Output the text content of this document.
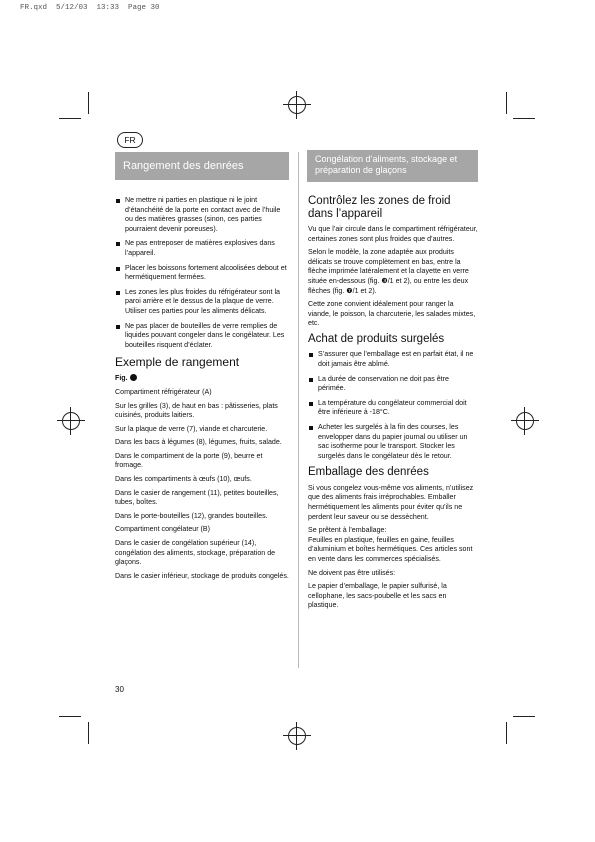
FR.qxd  5/12/03  13:33  Page 30
FR
Rangement des denrées
Congélation d’aliments, stockage et préparation de glaçons
Ne mettre ni parties en plastique ni le joint d’étanchéité de la porte en contact avec de l’huile ou des matières grasses (sinon, ces parties pourraient devenir poreuses).
Ne pas entreposer de matières explosives dans l’appareil.
Placer les boissons fortement alcoolisées debout et hermétiquement fermées.
Les zones les plus froides du réfrigérateur sont la paroi arrière et le dessus de la plaque de verre. Utiliser ces parties pour les aliments délicats.
Ne pas placer de bouteilles de verre remplies de liquides pouvant congeler dans le congélateur. Les bouteilles risquent d’éclater.
Exemple de rangement

Fig.

Compartiment réfrigérateur (A)

Sur les grilles (3), de haut en bas : pâtisseries, plats cuisinés, produits laitiers.

Sur la plaque de verre (7), viande et charcuterie.

Dans les bacs à légumes (8), légumes, fruits, salade.

Dans le compartiment de la porte (9), beurre et fromage.

Dans les compartiments à œufs (10), œufs.

Dans le casier de rangement (11), petites bouteilles, tubes, boîtes.

Dans le porte-bouteilles (12), grandes bouteilles.

Compartiment congélateur (B)

Dans le casier de congélation supérieur (14), congélation des aliments, stockage, préparation de glaçons.

Dans le casier inférieur, stockage de produits congelés.

Contrôlez les zones de froid dans l’appareil

Vu que l’air circule dans le compartiment réfrigérateur, certaines zones sont plus froides que d’autres.

Selon le modèle, la zone adaptée aux produits délicats se trouve complètement en bas, entre la flèche imprimée latéralement et la clayette en verre située en-dessous (fig. ❸/1 et 2), ou entre les deux flèches (fig. ❼/1 et 2).

Cette zone convient idéalement pour ranger la viande, le poisson, la charcuterie, les salades mixtes, etc.

Achat de produits surgelés
S’assurer que l’emballage est en parfait état, il ne doit jamais être abîmé.
La durée de conservation ne doit pas être périmée.
La température du congélateur commercial doit être inférieure à -18°C.
Acheter les surgelés à la fin des courses, les envelopper dans du papier journal ou utiliser un sac isotherme pour le transport. Stocker les surgelés dans le congélateur dès le retour.
Emballage des denrées

Si vous congelez vous-même vos aliments, n’utilisez que des aliments frais irréprochables. Emballer hermétiquement les aliments pour éviter qu’ils ne perdent leur saveur ou se dessèchent.

Se prêtent à l’emballage:
Feuilles en plastique, feuilles en gaine, feuilles d’aluminium et boîtes hermétiques. Ces articles sont en vente dans les commerces spécialisés.

Ne doivent pas être utilisés:

Le papier d’emballage, le papier sulfurisé, la cellophane, les sacs-poubelle et les sacs en plastique.

30
